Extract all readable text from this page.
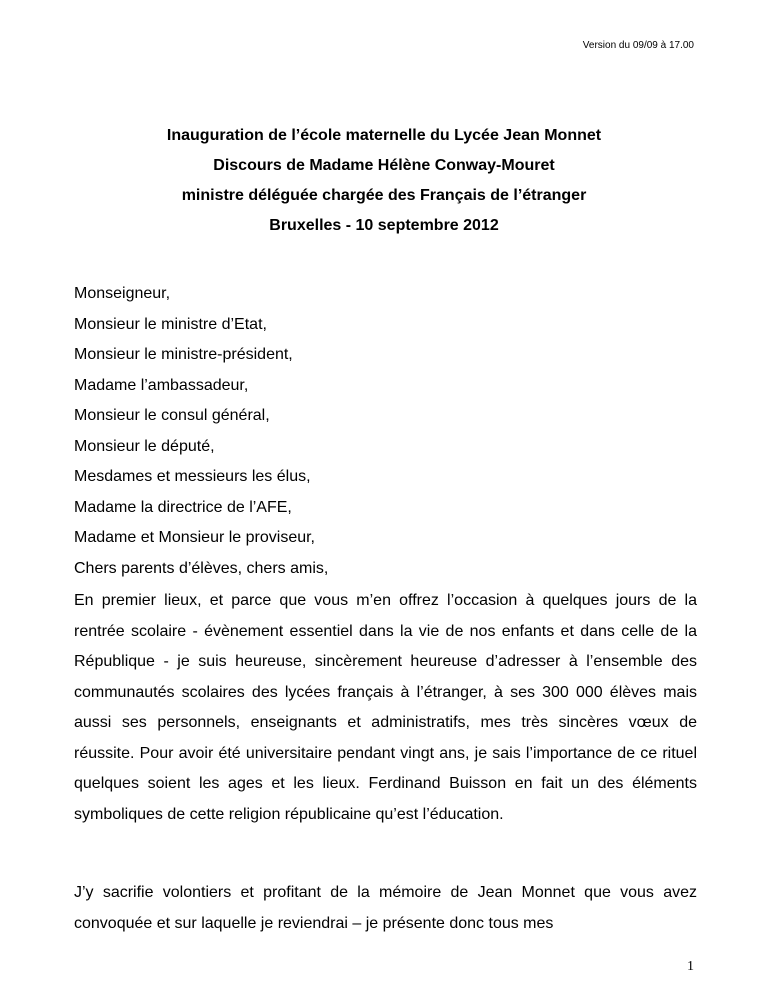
Version du 09/09 à 17.00
Inauguration de l’école maternelle du Lycée Jean Monnet
Discours de Madame Hélène Conway-Mouret
ministre déléguée chargée des Français de l’étranger
Bruxelles - 10 septembre 2012
Monseigneur,
Monsieur le ministre d’Etat,
Monsieur le ministre-président,
Madame l’ambassadeur,
Monsieur le consul général,
Monsieur le député,
Mesdames et messieurs les élus,
Madame la directrice de l’AFE,
Madame et Monsieur le proviseur,
Chers parents d’élèves, chers amis,
En premier lieux, et parce que vous m’en offrez l’occasion à quelques jours de la rentrée scolaire - évènement essentiel dans la vie de nos enfants et dans celle de la République - je suis heureuse, sincèrement heureuse d’adresser à l’ensemble des communautés scolaires des lycées français à l’étranger, à ses 300 000 élèves mais aussi ses personnels, enseignants et administratifs, mes très sincères vœux de réussite. Pour avoir été universitaire pendant vingt ans, je sais l’importance de ce rituel quelques soient les ages et les lieux. Ferdinand Buisson en fait un des éléments symboliques de cette religion républicaine qu’est l’éducation.
J’y sacrifie volontiers et profitant de la mémoire de Jean Monnet que vous avez convoquée et sur laquelle je reviendrai – je présente donc tous mes
1
